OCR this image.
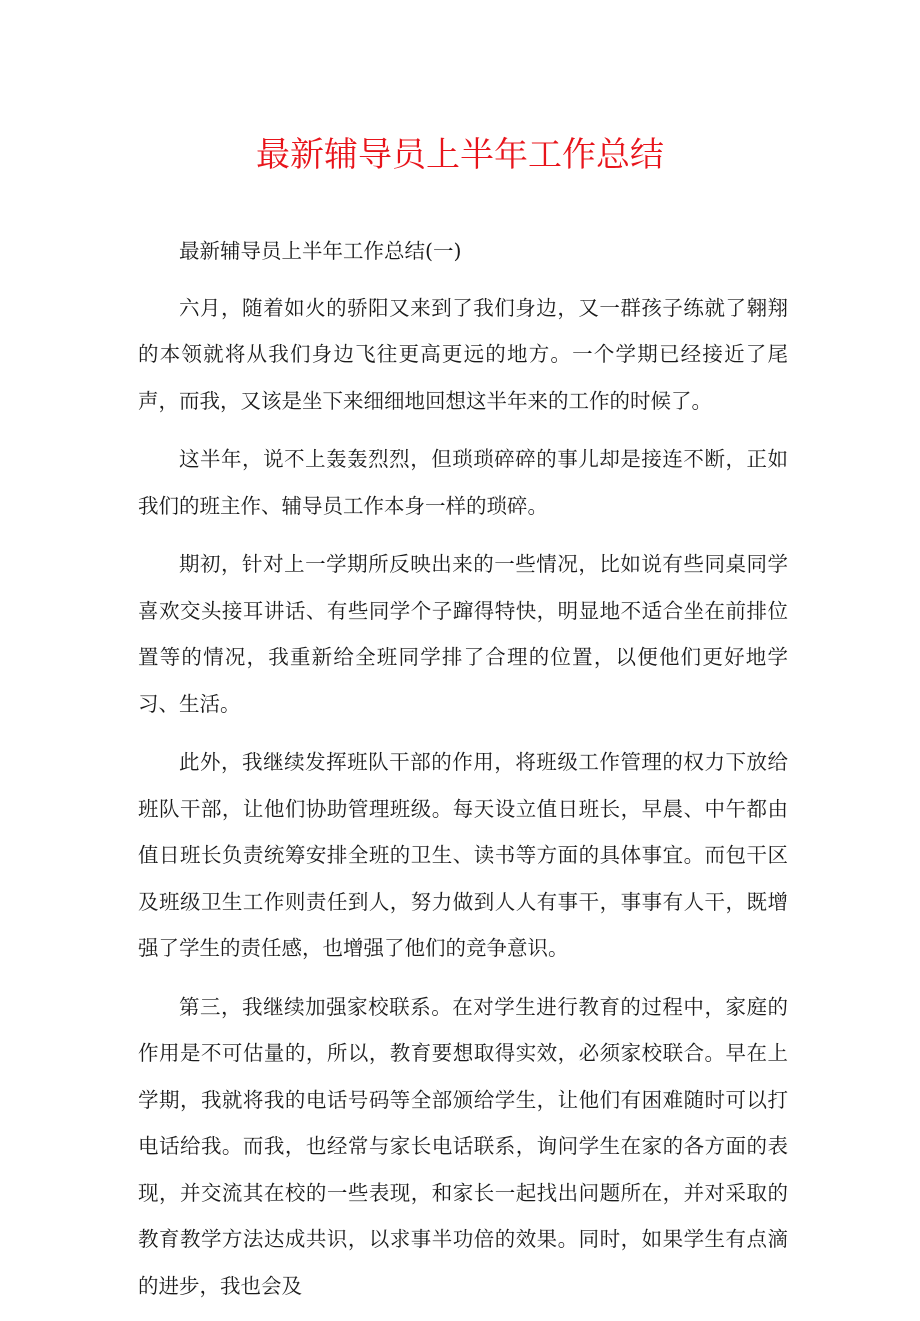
最新辅导员上半年工作总结

最新辅导员上半年工作总结(一)

六月，随着如火的骄阳又来到了我们身边，又一群孩子练就了翱翔的本领就将从我们身边飞往更高更远的地方。一个学期已经接近了尾声，而我，又该是坐下来细细地回想这半年来的工作的时候了。

这半年，说不上轰轰烈烈，但琐琐碎碎的事儿却是接连不断，正如我们的班主作、辅导员工作本身一样的琐碎。

期初，针对上一学期所反映出来的一些情况，比如说有些同桌同学喜欢交头接耳讲话、有些同学个子蹿得特快，明显地不适合坐在前排位置等的情况，我重新给全班同学排了合理的位置，以便他们更好地学习、生活。

此外，我继续发挥班队干部的作用，将班级工作管理的权力下放给班队干部，让他们协助管理班级。每天设立值日班长，早晨、中午都由值日班长负责统筹安排全班的卫生、读书等方面的具体事宜。而包干区及班级卫生工作则责任到人，努力做到人人有事干，事事有人干，既增强了学生的责任感，也增强了他们的竞争意识。

第三，我继续加强家校联系。在对学生进行教育的过程中，家庭的作用是不可估量的，所以，教育要想取得实效，必须家校联合。早在上学期，我就将我的电话号码等全部颁给学生，让他们有困难随时可以打电话给我。而我，也经常与家长电话联系，询问学生在家的各方面的表现，并交流其在校的一些表现，和家长一起找出问题所在，并对采取的教育教学方法达成共识，以求事半功倍的效果。同时，如果学生有点滴的进步，我也会及
